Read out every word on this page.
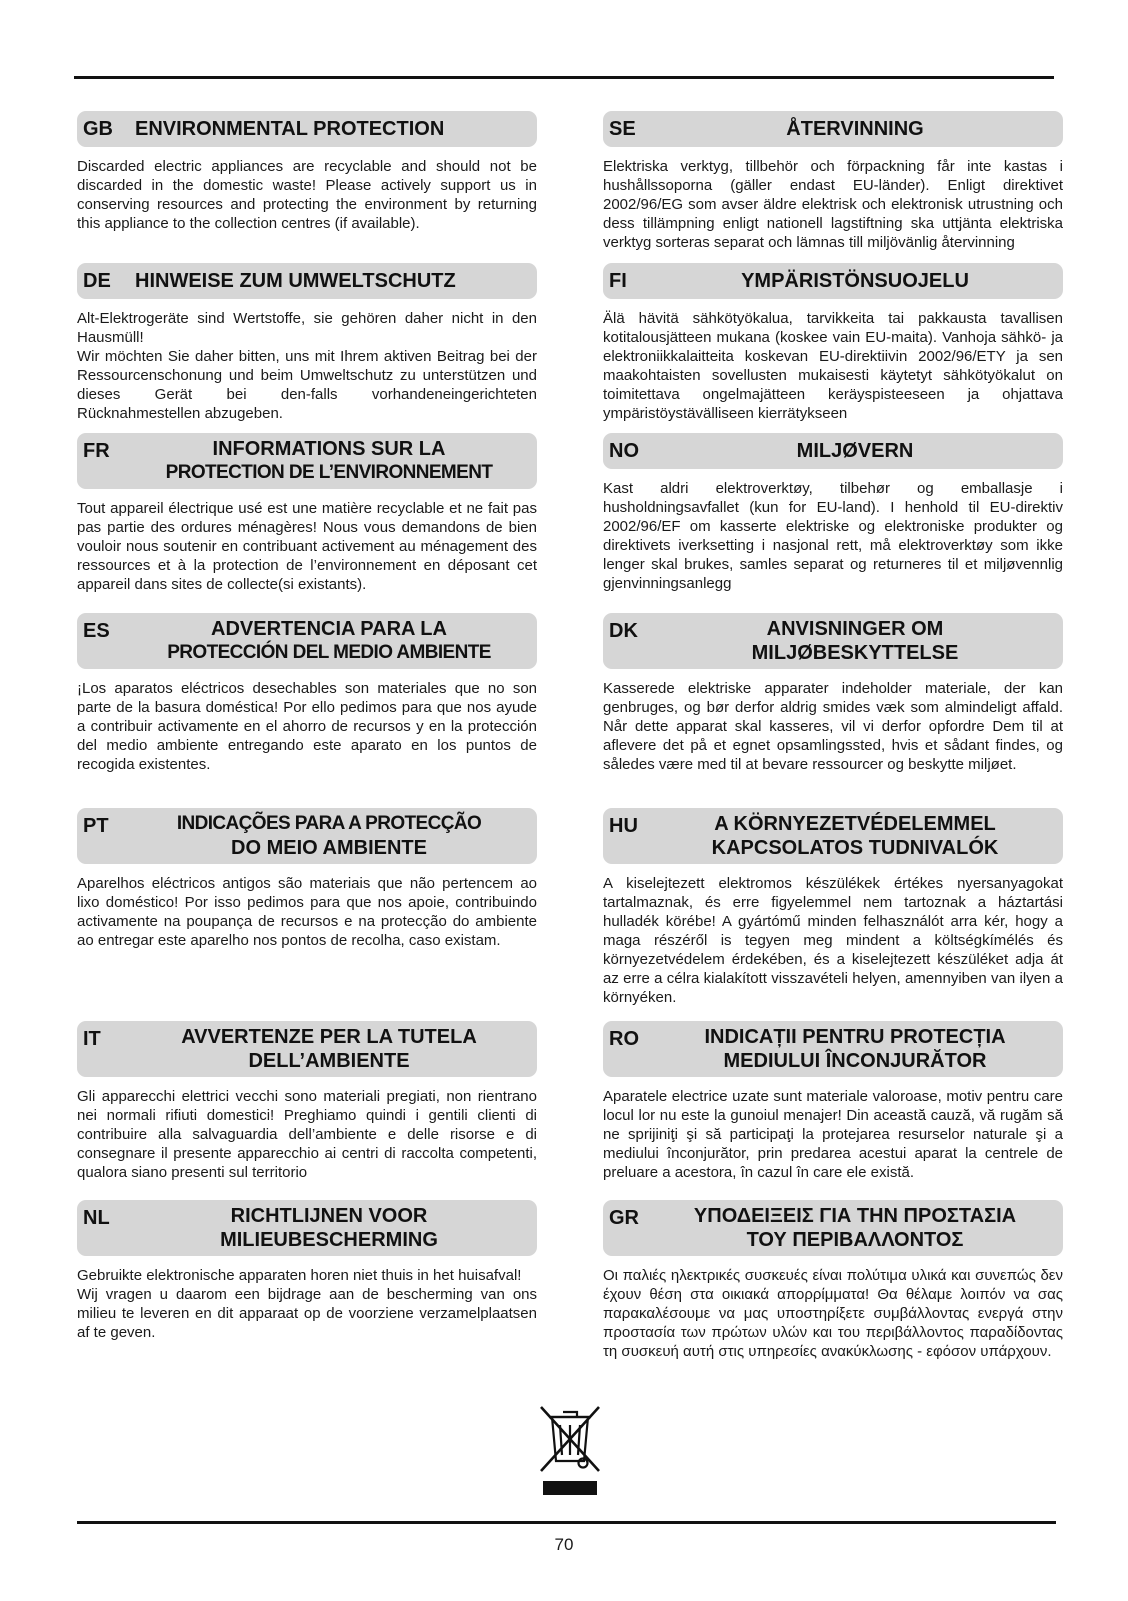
GB ENVIRONMENTAL PROTECTION
Discarded electric appliances are recyclable and should not be discarded in the domestic waste! Please actively support us in conserving resources and protecting the environment by returning this appliance to the collection centres (if available).
DE HINWEISE ZUM UMWELTSCHUTZ
Alt-Elektrogeräte sind Wertstoffe, sie gehören daher nicht in den Hausmüll!
Wir möchten Sie daher bitten, uns mit Ihrem aktiven Beitrag bei der Ressourcenschonung und beim Umweltschutz zu unterstützen und dieses Gerät bei den-falls vorhandeneingerichteten Rücknahmestellen abzugeben.
FR	INFORMATIONS SUR LA
PROTECTION DE L’ENVIRONNEMENT
Tout appareil électrique usé est une matière recyclable et ne fait pas pas partie des ordures ménagères! Nous vous demandons de bien vouloir nous soutenir en contribuant activement au ménagement des ressources et à la protection de l’environnement en déposant cet appareil dans sites de collecte(si existants).
ES	ADVERTENCIA PARA LA
PROTECCIÓN DEL MEDIO AMBIENTE
¡Los aparatos eléctricos desechables son materiales que no son parte de la basura doméstica! Por ello pedimos para que nos ayude a contribuir activamente en el ahorro de recursos y en la protección del medio ambiente entregando este aparato en los puntos de recogida existentes.
PT	INDICAÇÕES PARA A PROTECÇÃO
DO MEIO AMBIENTE
Aparelhos eléctricos antigos são materiais que não pertencem ao lixo doméstico! Por isso pedimos para que nos apoie, contribuindo activamente na poupança de recursos e na protecção do ambiente ao entregar este aparelho nos pontos de recolha, caso existam.
IT	AVVERTENZE PER LA TUTELA
DELL’AMBIENTE
Gli apparecchi elettrici vecchi sono materiali pregiati, non rientrano nei normali rifiuti domestici! Preghiamo quindi i gentili clienti di contribuire alla salvaguardia dell’ambiente e delle risorse e di consegnare il presente apparecchio ai centri di raccolta competenti, qualora siano presenti sul territorio
NL	RICHTLIJNEN VOOR
MILIEUBESCHERMING
Gebruikte elektronische apparaten horen niet thuis in het huisafval!
Wij vragen u daarom een bijdrage aan de bescherming van ons milieu te leveren en dit apparaat op de voorziene verzamelplaatsen af te geven.
SE	ÅTERVINNING
Elektriska verktyg, tillbehör och förpackning får inte kastas i hushållssoporna (gäller endast EU-länder). Enligt direktivet 2002/96/EG som avser äldre elektrisk och elektronisk utrustning och dess tillämpning enligt nationell lagstiftning ska uttjänta elektriska verktyg sorteras separat och lämnas till miljövänlig återvinning
FI	YMPÄRISTÖNSUOJELU
Älä hävitä sähkötyökalua, tarvikkeita tai pakkausta tavallisen kotitalousjätteen mukana (koskee vain EU-maita). Vanhoja sähkö- ja elektroniikkalaitteita koskevan EU-direktiivin 2002/96/ETY ja sen maakohtaisten sovellusten mukaisesti käytetyt sähkötyökalut on toimitettava ongelmajätteen keräyspisteeseen ja ohjattava ympäristöystävälliseen kierrätykseen
NO	MILJØVERN
Kast aldri elektroverktøy, tilbehør og emballasje i husholdningsavfallet (kun for EU-land). I henhold til EU-direktiv 2002/96/EF om kasserte elektriske og elektroniske produkter og direktivets iverksetting i nasjonal rett, må elektroverktøy som ikke lenger skal brukes, samles separat og returneres til et miljøvennlig gjenvinningsanlegg
DK	ANVISNINGER OM
MILJØBESKYTTELSE
Kasserede elektriske apparater indeholder materiale, der kan genbruges, og bør derfor aldrig smides væk som almindeligt affald. Når dette apparat skal kasseres, vil vi derfor opfordre Dem til at aflevere det på et egnet opsamlingssted, hvis et sådant findes, og således være med til at bevare ressourcer og beskytte miljøet.
HU	A KÖRNYEZETVÉDELEMMEL
KAPCSOLATOS TUDNIVALÓK
A kiselejtezett elektromos készülékek értékes nyersanyagokat tartalmaznak, és erre figyelemmel nem tartoznak a háztartási hulladék körébe! A gyártómű minden felhasználót arra kér, hogy a maga részéről is tegyen meg mindent a költségkímélés és környezetvédelem érdekében, és a kiselejtezett készüléket adja át az erre a célra kialakított visszavételi helyen, amennyiben van ilyen a környéken.
RO	INDICAȚII PENTRU PROTECȚIA
MEDIULUI ÎNCONJURĂTOR
Aparatele electrice uzate sunt materiale valoroase, motiv pentru care locul lor nu este la gunoiul menajer! Din această cauză, vă rugăm să ne sprijiniţi şi să participaţi la protejarea resurselor naturale şi a mediului înconjurător, prin predarea acestui aparat la centrele de preluare a acestora, în cazul în care ele există.
GR	ΥΠΟΔΕΙΞΕΙΣ ΓΙΑ ΤΗΝ ΠΡΟΣΤΑΣΙΑ
ΤΟΥ ΠΕΡΙΒΑΛΛΟΝΤΟΣ
Οι παλιές ηλεκτρικές συσκευές είναι πολύτιμα υλικά και συνεπώς δεν έχουν θέση στα οικιακά απορρίμματα! Θα θέλαμε λοιπόν να σας παρακαλέσουμε να μας υποστηρίξετε συμβάλλοντας ενεργά στην προστασία των πρώτων υλών και του περιβάλλοντος παραδίδοντας τη συσκευή αυτή στις υπηρεσίες ανακύκλωσης - εφόσον υπάρχουν.
70
